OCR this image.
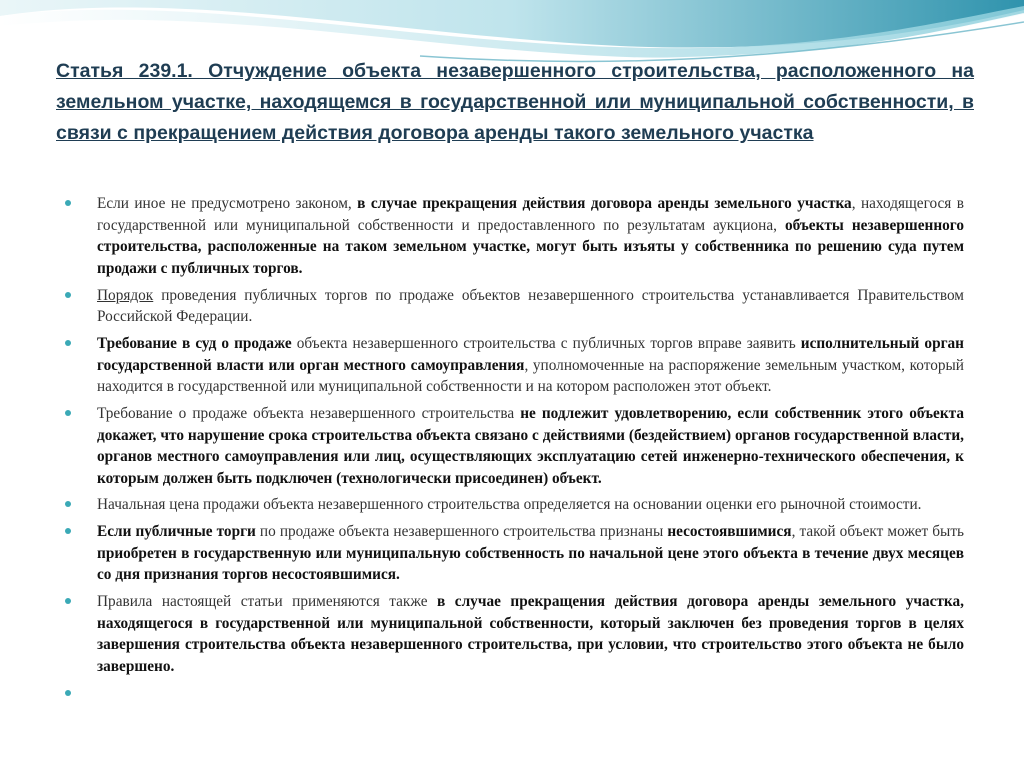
Статья 239.1. Отчуждение объекта незавершенного строительства, расположенного на земельном участке, находящемся в государственной или муниципальной собственности, в связи с прекращением действия договора аренды такого земельного участка
Если иное не предусмотрено законом, в случае прекращения действия договора аренды земельного участка, находящегося в государственной или муниципальной собственности и предоставленного по результатам аукциона, объекты незавершенного строительства, расположенные на таком земельном участке, могут быть изъяты у собственника по решению суда путем продажи с публичных торгов.
Порядок проведения публичных торгов по продаже объектов незавершенного строительства устанавливается Правительством Российской Федерации.
Требование в суд о продаже объекта незавершенного строительства с публичных торгов вправе заявить исполнительный орган государственной власти или орган местного самоуправления, уполномоченные на распоряжение земельным участком, который находится в государственной или муниципальной собственности и на котором расположен этот объект.
Требование о продаже объекта незавершенного строительства не подлежит удовлетворению, если собственник этого объекта докажет, что нарушение срока строительства объекта связано с действиями (бездействием) органов государственной власти, органов местного самоуправления или лиц, осуществляющих эксплуатацию сетей инженерно-технического обеспечения, к которым должен быть подключен (технологически присоединен) объект.
Начальная цена продажи объекта незавершенного строительства определяется на основании оценки его рыночной стоимости.
Если публичные торги по продаже объекта незавершенного строительства признаны несостоявшимися, такой объект может быть приобретен в государственную или муниципальную собственность по начальной цене этого объекта в течение двух месяцев со дня признания торгов несостоявшимися.
Правила настоящей статьи применяются также в случае прекращения действия договора аренды земельного участка, находящегося в государственной или муниципальной собственности, который заключен без проведения торгов в целях завершения строительства объекта незавершенного строительства, при условии, что строительство этого объекта не было завершено.
